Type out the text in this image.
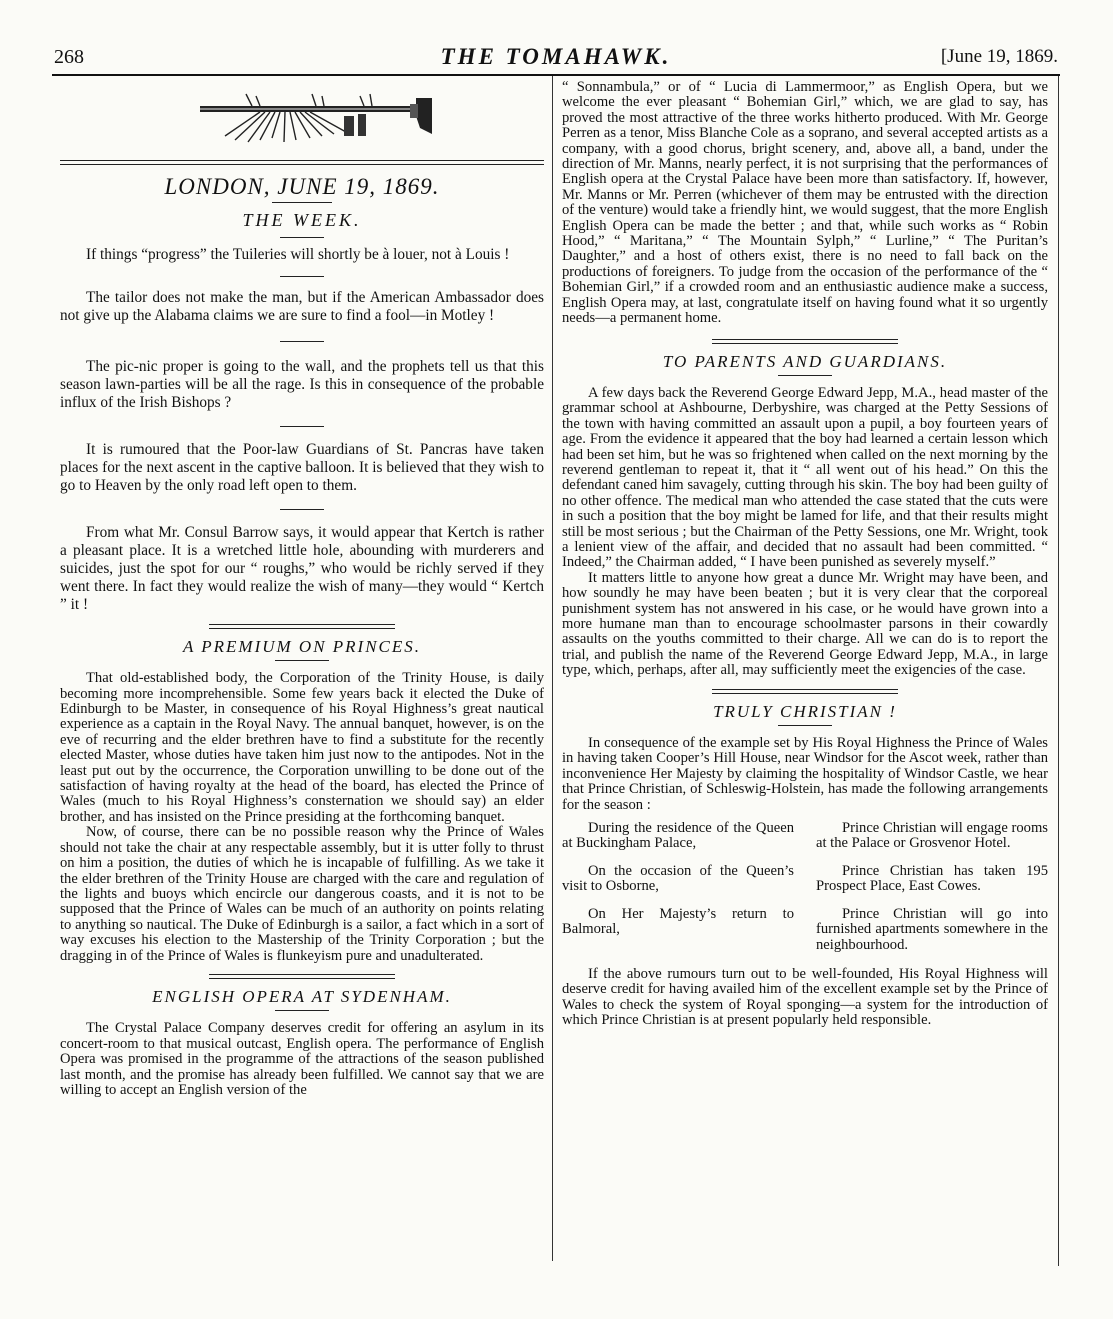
268	THE TOMAHAWK.	[June 19, 1869.
LONDON, JUNE 19, 1869.
THE WEEK.

If things “progress” the Tuileries will shortly be à louer, not à Louis !

The tailor does not make the man, but if the American Ambassador does not give up the Alabama claims we are sure to find a fool—in Motley !

The pic-nic proper is going to the wall, and the prophets tell us that this season lawn-parties will be all the rage. Is this in consequence of the probable influx of the Irish Bishops ?

It is rumoured that the Poor-law Guardians of St. Pancras have taken places for the next ascent in the captive balloon. It is believed that they wish to go to Heaven by the only road left open to them.

From what Mr. Consul Barrow says, it would appear that Kertch is rather a pleasant place. It is a wretched little hole, abounding with murderers and suicides, just the spot for our “ roughs,” who would be richly served if they went there. In fact they would realize the wish of many—they would “ Kertch ” it !

A PREMIUM ON PRINCES.

That old-established body, the Corporation of the Trinity House, is daily becoming more incomprehensible. Some few years back it elected the Duke of Edinburgh to be Master, in consequence of his Royal Highness’s great nautical experience as a captain in the Royal Navy. The annual banquet, however, is on the eve of recurring and the elder brethren have to find a substitute for the recently elected Master, whose duties have taken him just now to the antipodes. Not in the least put out by the occurrence, the Corporation unwilling to be done out of the satisfaction of having royalty at the head of the board, has elected the Prince of Wales (much to his Royal Highness’s consternation we should say) an elder brother, and has insisted on the Prince presiding at the forthcoming banquet.

Now, of course, there can be no possible reason why the Prince of Wales should not take the chair at any respectable assembly, but it is utter folly to thrust on him a position, the duties of which he is incapable of fulfilling. As we take it the elder brethren of the Trinity House are charged with the care and regulation of the lights and buoys which encircle our dangerous coasts, and it is not to be supposed that the Prince of Wales can be much of an authority on points relating to anything so nautical. The Duke of Edinburgh is a sailor, a fact which in a sort of way excuses his election to the Mastership of the Trinity Corporation ; but the dragging in of the Prince of Wales is flunkeyism pure and unadulterated.

ENGLISH OPERA AT SYDENHAM.

The Crystal Palace Company deserves credit for offering an asylum in its concert-room to that musical outcast, English opera. The performance of English Opera was promised in the programme of the attractions of the season published last month, and the promise has already been fulfilled. We cannot say that we are willing to accept an English version of the

“ Sonnambula,” or of “ Lucia di Lammermoor,” as English Opera, but we welcome the ever pleasant “ Bohemian Girl,” which, we are glad to say, has proved the most attractive of the three works hitherto produced. With Mr. George Perren as a tenor, Miss Blanche Cole as a soprano, and several accepted artists as a company, with a good chorus, bright scenery, and, above all, a band, under the direction of Mr. Manns, nearly perfect, it is not surprising that the performances of English opera at the Crystal Palace have been more than satisfactory. If, however, Mr. Manns or Mr. Perren (whichever of them may be entrusted with the direction of the venture) would take a friendly hint, we would suggest, that the more English English Opera can be made the better ; and that, while such works as “ Robin Hood,” “ Maritana,” “ The Mountain Sylph,” “ Lurline,” “ The Puritan’s Daughter,” and a host of others exist, there is no need to fall back on the productions of foreigners. To judge from the occasion of the performance of the “ Bohemian Girl,” if a crowded room and an enthusiastic audience make a success, English Opera may, at last, congratulate itself on having found what it so urgently needs—a permanent home.

TO PARENTS AND GUARDIANS.

A few days back the Reverend George Edward Jepp, M.A., head master of the grammar school at Ashbourne, Derbyshire, was charged at the Petty Sessions of the town with having committed an assault upon a pupil, a boy fourteen years of age. From the evidence it appeared that the boy had learned a certain lesson which had been set him, but he was so frightened when called on the next morning by the reverend gentleman to repeat it, that it “ all went out of his head.” On this the defendant caned him savagely, cutting through his skin. The boy had been guilty of no other offence. The medical man who attended the case stated that the cuts were in such a position that the boy might be lamed for life, and that their results might still be most serious ; but the Chairman of the Petty Sessions, one Mr. Wright, took a lenient view of the affair, and decided that no assault had been committed. “ Indeed,” the Chairman added, “ I have been punished as severely myself.”

It matters little to anyone how great a dunce Mr. Wright may have been, and how soundly he may have been beaten ; but it is very clear that the corporeal punishment system has not answered in his case, or he would have grown into a more humane man than to encourage schoolmaster parsons in their cowardly assaults on the youths committed to their charge. All we can do is to report the trial, and publish the name of the Reverend George Edward Jepp, M.A., in large type, which, perhaps, after all, may sufficiently meet the exigencies of the case.

TRULY CHRISTIAN !

In consequence of the example set by His Royal Highness the Prince of Wales in having taken Cooper’s Hill House, near Windsor for the Ascot week, rather than inconvenience Her Majesty by claiming the hospitality of Windsor Castle, we hear that Prince Christian, of Schleswig-Holstein, has made the following arrangements for the season :

During the residence of the Queen at Buckingham Palace,
Prince Christian will engage rooms at the Palace or Grosvenor Hotel.
On the occasion of the Queen’s visit to Osborne,
Prince Christian has taken 195 Prospect Place, East Cowes.
On Her Majesty’s return to Balmoral,
Prince Christian will go into furnished apartments somewhere in the neighbourhood.

If the above rumours turn out to be well-founded, His Royal Highness will deserve credit for having availed him of the excellent example set by the Prince of Wales to check the system of Royal sponging—a system for the introduction of which Prince Christian is at present popularly held responsible.
